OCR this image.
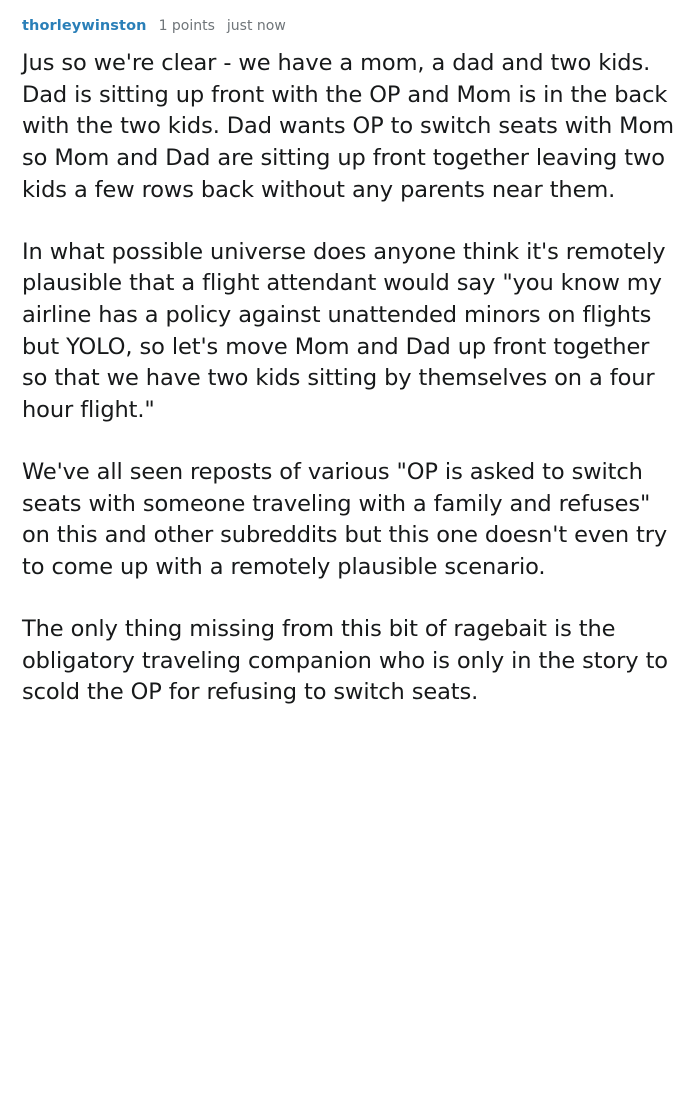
thorleywinston 1 points just now

Jus so we're clear - we have a mom, a dad and two kids. Dad is sitting up front with the OP and Mom is in the back with the two kids. Dad wants OP to switch seats with Mom so Mom and Dad are sitting up front together leaving two kids a few rows back without any parents near them.

In what possible universe does anyone think it's remotely plausible that a flight attendant would say "you know my airline has a policy against unattended minors on flights but YOLO, so let's move Mom and Dad up front together so that we have two kids sitting by themselves on a four hour flight."

We've all seen reposts of various "OP is asked to switch seats with someone traveling with a family and refuses" on this and other subreddits but this one doesn't even try to come up with a remotely plausible scenario.

The only thing missing from this bit of ragebait is the obligatory traveling companion who is only in the story to scold the OP for refusing to switch seats.
